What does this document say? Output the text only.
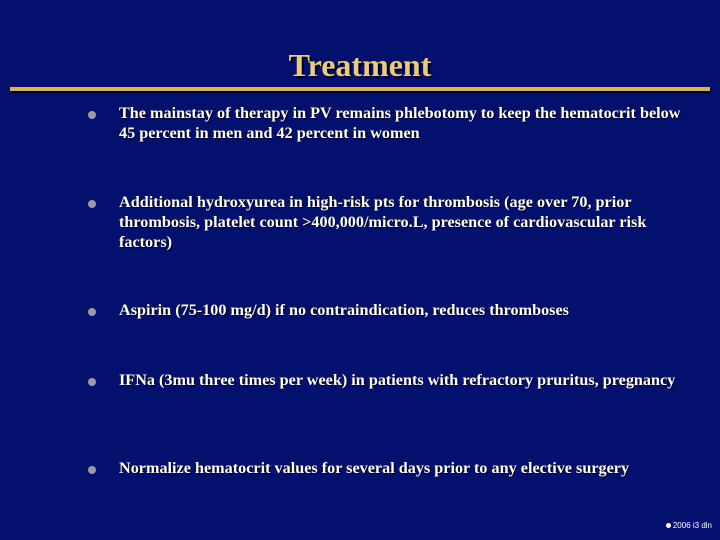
Treatment
The mainstay of therapy in PV remains phlebotomy to keep the hematocrit below 45 percent in men and 42 percent in women
Additional hydroxyurea in high-risk pts for thrombosis (age over 70, prior thrombosis, platelet count >400,000/micro.L, presence of cardiovascular risk factors)
Aspirin (75-100 mg/d) if no contraindication, reduces thromboses
IFNa (3mu three times per week) in patients with refractory pruritus, pregnancy
Normalize hematocrit values for several days prior to any elective surgery
2006 i3 dln
